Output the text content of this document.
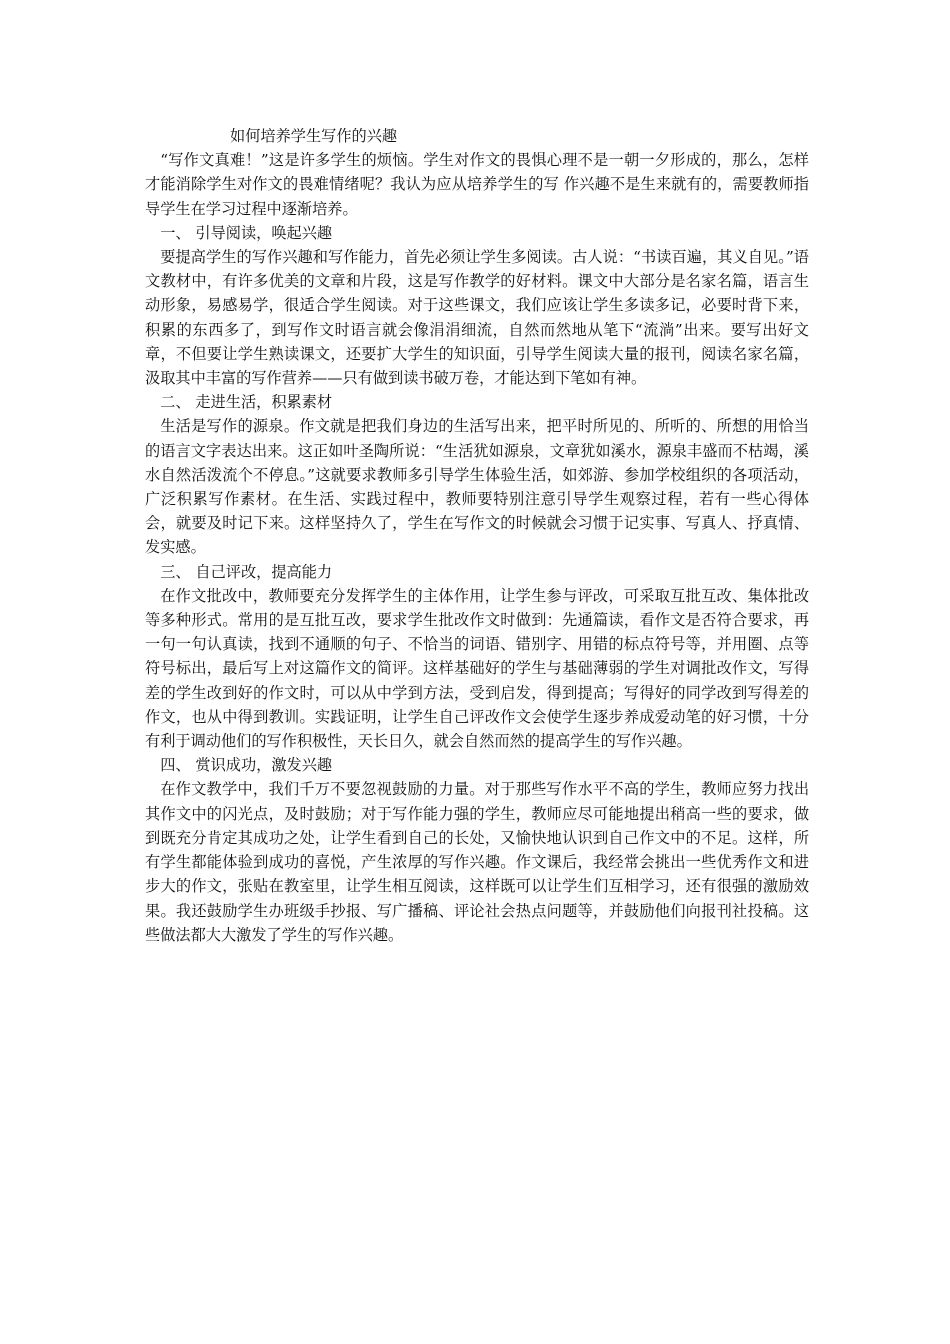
如何培养学生写作的兴趣

“写作文真难！”这是许多学生的烦恼。学生对作文的畏惧心理不是一朝一夕形成的，那么，怎样才能消除学生对作文的畏难情绪呢？我认为应从培养学生的写 作兴趣不是生来就有的，需要教师指导学生在学习过程中逐渐培养。

一、 引导阅读，唤起兴趣

要提高学生的写作兴趣和写作能力，首先必须让学生多阅读。古人说：“书读百遍，其义自见。”语文教材中，有许多优美的文章和片段，这是写作教学的好材料。课文中大部分是名家名篇，语言生动形象，易感易学，很适合学生阅读。对于这些课文，我们应该让学生多读多记，必要时背下来，积累的东西多了，到写作文时语言就会像涓涓细流，自然而然地从笔下“流淌”出来。要写出好文章，不但要让学生熟读课文，还要扩大学生的知识面，引导学生阅读大量的报刊，阅读名家名篇，汲取其中丰富的写作营养——只有做到读书破万卷，才能达到下笔如有神。

二、 走进生活，积累素材

生活是写作的源泉。作文就是把我们身边的生活写出来，把平时所见的、所听的、所想的用恰当的语言文字表达出来。这正如叶圣陶所说：“生活犹如源泉，文章犹如溪水，源泉丰盛而不枯竭，溪水自然活泼流个不停息。”这就要求教师多引导学生体验生活，如郊游、参加学校组织的各项活动，广泛积累写作素材。在生活、实践过程中，教师要特别注意引导学生观察过程，若有一些心得体会，就要及时记下来。这样坚持久了，学生在写作文的时候就会习惯于记实事、写真人、抒真情、发实感。

三、 自己评改，提高能力

在作文批改中，教师要充分发挥学生的主体作用，让学生参与评改，可采取互批互改、集体批改等多种形式。常用的是互批互改，要求学生批改作文时做到：先通篇读，看作文是否符合要求，再一句一句认真读，找到不通顺的句子、不恰当的词语、错别字、用错的标点符号等，并用圈、点等符号标出，最后写上对这篇作文的简评。这样基础好的学生与基础薄弱的学生对调批改作文，写得差的学生改到好的作文时，可以从中学到方法，受到启发，得到提高；写得好的同学改到写得差的作文，也从中得到教训。实践证明，让学生自己评改作文会使学生逐步养成爱动笔的好习惯，十分有利于调动他们的写作积极性，天长日久，就会自然而然的提高学生的写作兴趣。

四、 赏识成功，激发兴趣

在作文教学中，我们千万不要忽视鼓励的力量。对于那些写作水平不高的学生，教师应努力找出其作文中的闪光点，及时鼓励；对于写作能力强的学生，教师应尽可能地提出稍高一些的要求，做到既充分肯定其成功之处，让学生看到自己的长处，又愉快地认识到自己作文中的不足。这样，所有学生都能体验到成功的喜悦，产生浓厚的写作兴趣。作文课后，我经常会挑出一些优秀作文和进步大的作文，张贴在教室里，让学生相互阅读，这样既可以让学生们互相学习，还有很强的激励效果。我还鼓励学生办班级手抄报、写广播稿、评论社会热点问题等，并鼓励他们向报刊社投稿。这些做法都大大激发了学生的写作兴趣。
